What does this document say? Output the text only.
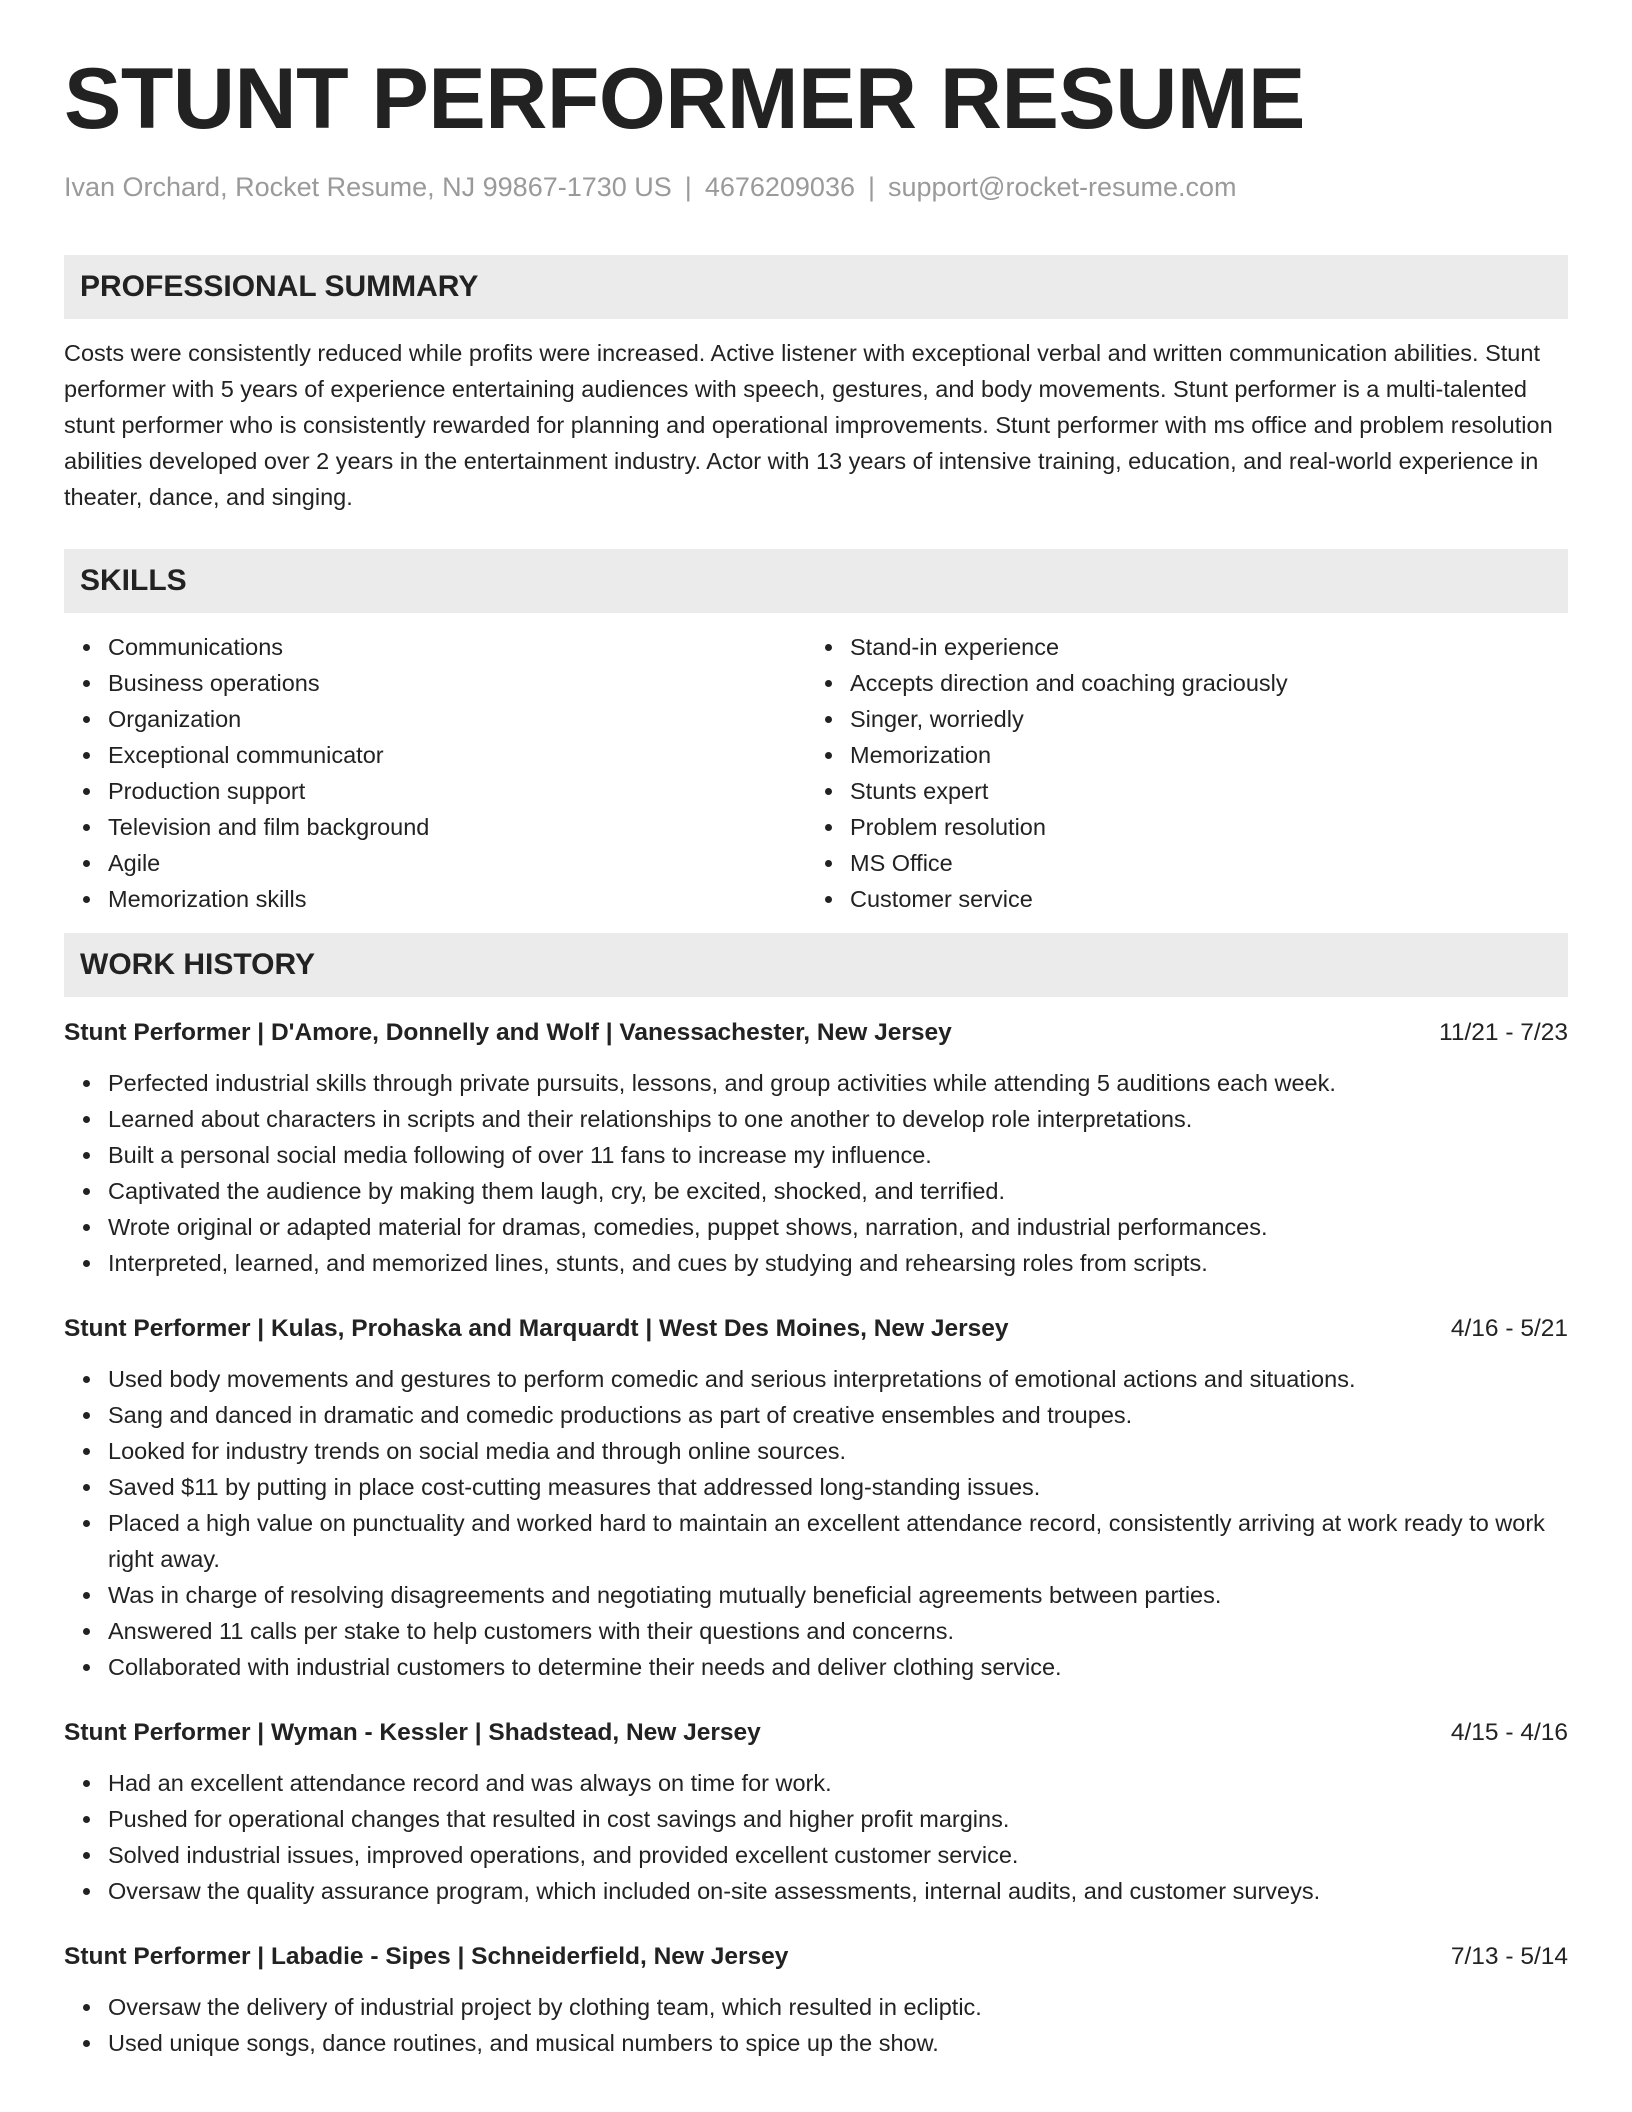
STUNT PERFORMER RESUME
Ivan Orchard, Rocket Resume, NJ 99867-1730 US | 4676209036 | support@rocket-resume.com
PROFESSIONAL SUMMARY

Costs were consistently reduced while profits were increased. Active listener with exceptional verbal and written communication abilities. Stunt performer with 5 years of experience entertaining audiences with speech, gestures, and body movements. Stunt performer is a multi-talented stunt performer who is consistently rewarded for planning and operational improvements. Stunt performer with ms office and problem resolution abilities developed over 2 years in the entertainment industry. Actor with 13 years of intensive training, education, and real-world experience in theater, dance, and singing.

SKILLS
Communications
Business operations
Organization
Exceptional communicator
Production support
Television and film background
Agile
Memorization skills
Stand-in experience
Accepts direction and coaching graciously
Singer, worriedly
Memorization
Stunts expert
Problem resolution
MS Office
Customer service
WORK HISTORY
Stunt Performer | D'Amore, Donnelly and Wolf | Vanessachester, New Jersey	11/21 - 7/23
Perfected industrial skills through private pursuits, lessons, and group activities while attending 5 auditions each week.
Learned about characters in scripts and their relationships to one another to develop role interpretations.
Built a personal social media following of over 11 fans to increase my influence.
Captivated the audience by making them laugh, cry, be excited, shocked, and terrified.
Wrote original or adapted material for dramas, comedies, puppet shows, narration, and industrial performances.
Interpreted, learned, and memorized lines, stunts, and cues by studying and rehearsing roles from scripts.
Stunt Performer | Kulas, Prohaska and Marquardt | West Des Moines, New Jersey	4/16 - 5/21
Used body movements and gestures to perform comedic and serious interpretations of emotional actions and situations.
Sang and danced in dramatic and comedic productions as part of creative ensembles and troupes.
Looked for industry trends on social media and through online sources.
Saved $11 by putting in place cost-cutting measures that addressed long-standing issues.
Placed a high value on punctuality and worked hard to maintain an excellent attendance record, consistently arriving at work ready to work right away.
Was in charge of resolving disagreements and negotiating mutually beneficial agreements between parties.
Answered 11 calls per stake to help customers with their questions and concerns.
Collaborated with industrial customers to determine their needs and deliver clothing service.
Stunt Performer | Wyman - Kessler | Shadstead, New Jersey	4/15 - 4/16
Had an excellent attendance record and was always on time for work.
Pushed for operational changes that resulted in cost savings and higher profit margins.
Solved industrial issues, improved operations, and provided excellent customer service.
Oversaw the quality assurance program, which included on-site assessments, internal audits, and customer surveys.
Stunt Performer | Labadie - Sipes | Schneiderfield, New Jersey	7/13 - 5/14
Oversaw the delivery of industrial project by clothing team, which resulted in ecliptic.
Used unique songs, dance routines, and musical numbers to spice up the show.
